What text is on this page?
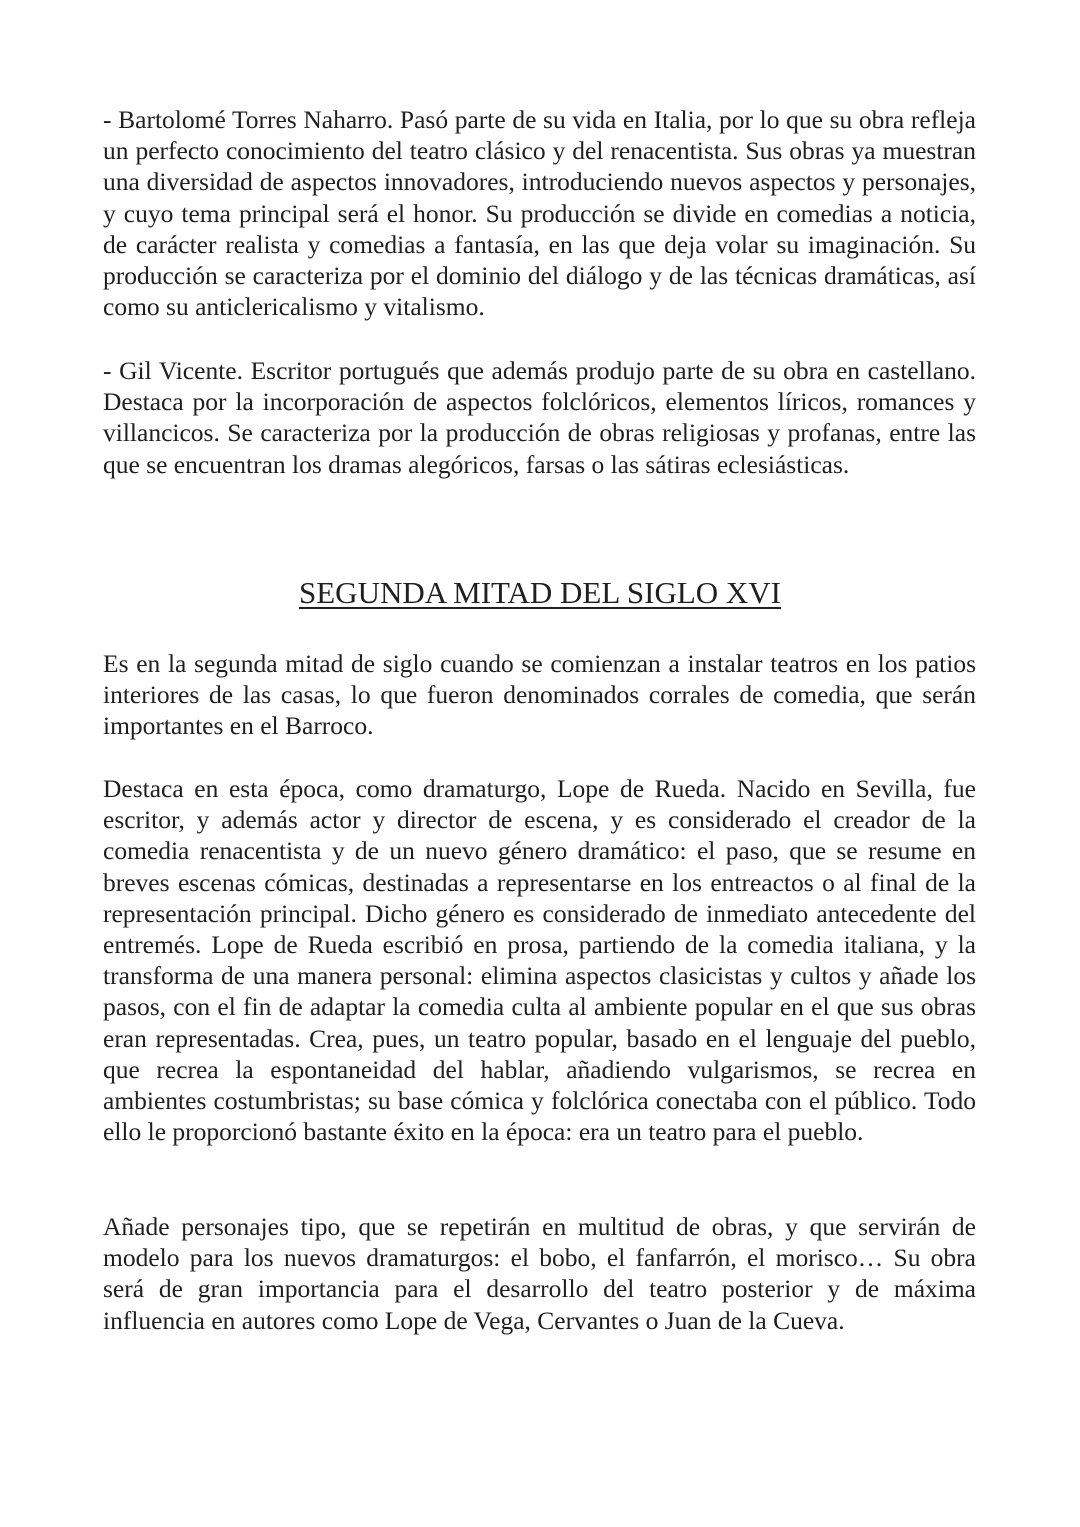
- Bartolomé Torres Naharro. Pasó parte de su vida en Italia, por lo que su obra refleja un perfecto conocimiento del teatro clásico y del renacentista. Sus obras ya muestran una diversidad de aspectos innovadores, introduciendo nuevos aspectos y personajes, y cuyo tema principal será el honor. Su producción se divide en comedias a noticia, de carácter realista y comedias a fantasía, en las que deja volar su imaginación. Su producción se caracteriza por el dominio del diálogo y de las técnicas dramáticas, así como su anticlericalismo y vitalismo.

- Gil Vicente. Escritor portugués que además produjo parte de su obra en castellano. Destaca por la incorporación de aspectos folclóricos, elementos líricos, romances y villancicos. Se caracteriza por la producción de obras religiosas y profanas, entre las que se encuentran los dramas alegóricos, farsas o las sátiras eclesiásticas.

SEGUNDA MITAD DEL SIGLO XVI

Es en la segunda mitad de siglo cuando se comienzan a instalar teatros en los patios interiores de las casas, lo que fueron denominados corrales de comedia, que serán importantes en el Barroco.

Destaca en esta época, como dramaturgo, Lope de Rueda. Nacido en Sevilla, fue escritor, y además actor y director de escena, y es considerado el creador de la comedia renacentista y de un nuevo género dramático: el paso, que se resume en breves escenas cómicas, destinadas a representarse en los entreactos o al final de la representación principal. Dicho género es considerado de inmediato antecedente del entremés. Lope de Rueda escribió en prosa, partiendo de la comedia italiana, y la transforma de una manera personal: elimina aspectos clasicistas y cultos y añade los pasos, con el fin de adaptar la comedia culta al ambiente popular en el que sus obras eran representadas. Crea, pues, un teatro popular, basado en el lenguaje del pueblo, que recrea la espontaneidad del hablar, añadiendo vulgarismos, se recrea en ambientes costumbristas; su base cómica y folclórica conectaba con el público. Todo ello le proporcionó bastante éxito en la época: era un teatro para el pueblo.

Añade personajes tipo, que se repetirán en multitud de obras, y que servirán de modelo para los nuevos dramaturgos: el bobo, el fanfarrón, el morisco… Su obra será de gran importancia para el desarrollo del teatro posterior y de máxima influencia en autores como Lope de Vega, Cervantes o Juan de la Cueva.
